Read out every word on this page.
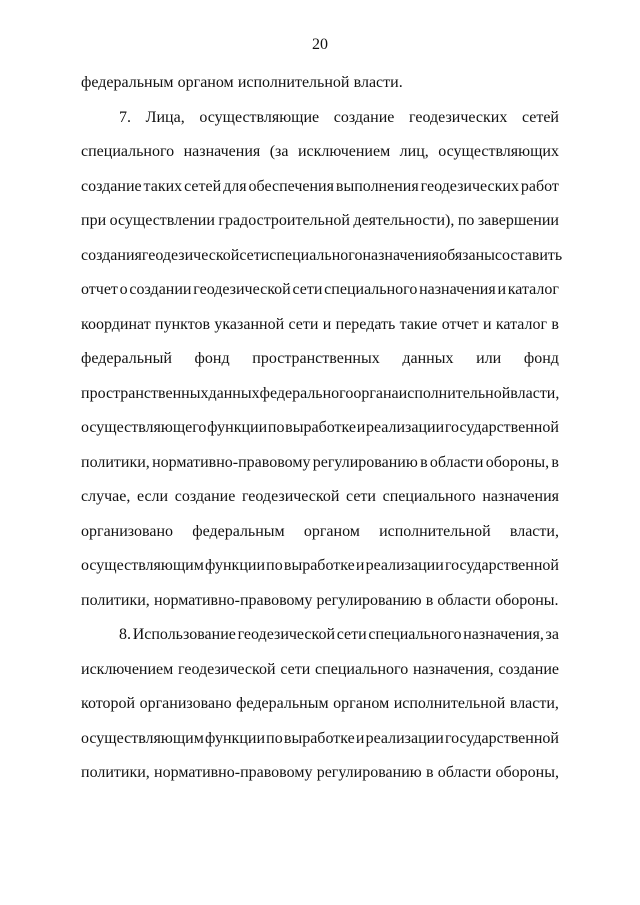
20
федеральным органом исполнительной власти.
7. Лица, осуществляющие создание геодезических сетей
специального назначения (за исключением лиц, осуществляющих
создание таких сетей для обеспечения выполнения геодезических работ
при осуществлении градостроительной деятельности), по завершении
создания геодезической сети специального назначения обязаны составить
отчет о создании геодезической сети специального назначения и каталог
координат пунктов указанной сети и передать такие отчет и каталог в
федеральный фонд пространственных данных или фонд
пространственных данных федерального органа исполнительной власти,
осуществляющего функции по выработке и реализации государственной
политики, нормативно-правовому регулированию в области обороны, в
случае, если создание геодезической сети специального назначения
организовано федеральным органом исполнительной власти,
осуществляющим функции по выработке и реализации государственной
политики, нормативно-правовому регулированию в области обороны.
8. Использование геодезической сети специального назначения, за
исключением геодезической сети специального назначения, создание
которой организовано федеральным органом исполнительной власти,
осуществляющим функции по выработке и реализации государственной
политики, нормативно-правовому регулированию в области обороны,
